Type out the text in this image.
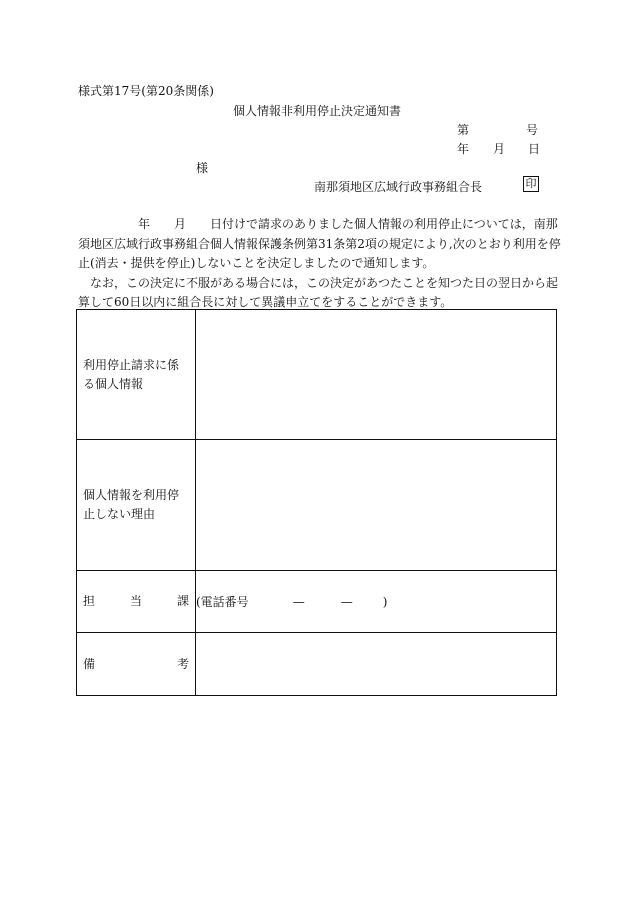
様式第17号(第20条関係)
個人情報非利用停止決定通知書
第	号
年 月 日
様
南那須地区広域行政事務組合長	印
　　　　　年　　月　　日付けで請求のありました個人情報の利用停止については，南那
須地区広域行政事務組合個人情報保護条例第31条第2項の規定により,次のとおり利用を停
止(消去・提供を停止)しないことを決定しましたので通知します。
　なお，この決定に不服がある場合には，この決定があつたことを知つた日の翌日から起
算して60日以内に組合長に対して異議申立てをすることができます。
利用停止請求に係
る個人情報	

個人情報を利用停
止しない理由	

担 当 課	(電話番号 — — )

備 考	
